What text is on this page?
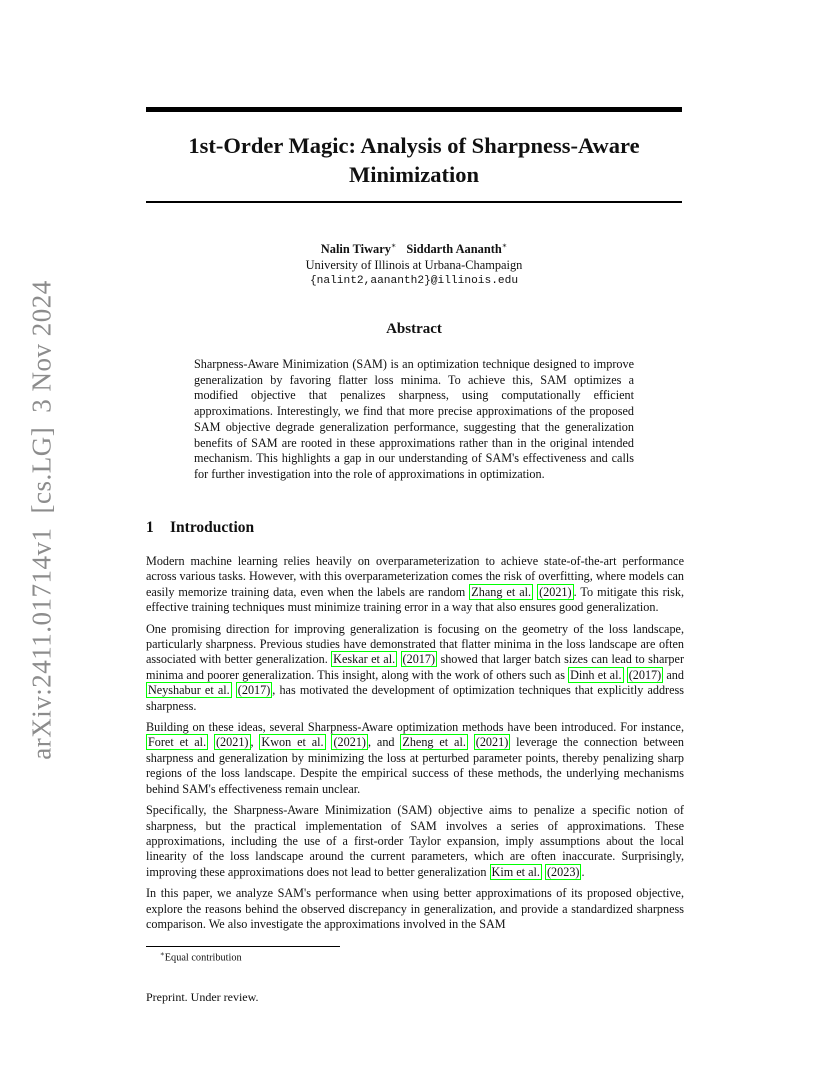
arXiv:2411.01714v1[cs.LG]3 Nov 2024
1st-Order Magic: Analysis of Sharpness-Aware
Minimization
Nalin Tiwary∗ Siddarth Aananth∗
University of Illinois at Urbana-Champaign
{nalint2,aananth2}@illinois.edu
Abstract
Sharpness-Aware Minimization (SAM) is an optimization technique designed to improve generalization by favoring flatter loss minima. To achieve this, SAM optimizes a modified objective that penalizes sharpness, using computationally efficient approximations. Interestingly, we find that more precise approximations of the proposed SAM objective degrade generalization performance, suggesting that the generalization benefits of SAM are rooted in these approximations rather than in the original intended mechanism. This highlights a gap in our understanding of SAM's effectiveness and calls for further investigation into the role of approximations in optimization.
1 Introduction

Modern machine learning relies heavily on overparameterization to achieve state-of-the-art performance across various tasks. However, with this overparameterization comes the risk of overfitting, where models can easily memorize training data, even when the labels are random Zhang et al. (2021) . To mitigate this risk, effective training techniques must minimize training error in a way that also ensures good generalization.

One promising direction for improving generalization is focusing on the geometry of the loss landscape, particularly sharpness. Previous studies have demonstrated that flatter minima in the loss landscape are often associated with better generalization. Keskar et al. (2017) showed that larger batch sizes can lead to sharper minima and poorer generalization. This insight, along with the work of others such as Dinh et al. (2017) and Neyshabur et al. (2017) , has motivated the development of optimization techniques that explicitly address sharpness.

Building on these ideas, several Sharpness-Aware optimization methods have been introduced. For instance, Foret et al. (2021) , Kwon et al. (2021) , and Zheng et al. (2021) leverage the connection between sharpness and generalization by minimizing the loss at perturbed parameter points, thereby penalizing sharp regions of the loss landscape. Despite the empirical success of these methods, the underlying mechanisms behind SAM's effectiveness remain unclear.

Specifically, the Sharpness-Aware Minimization (SAM) objective aims to penalize a specific notion of sharpness, but the practical implementation of SAM involves a series of approximations. These approximations, including the use of a first-order Taylor expansion, imply assumptions about the local linearity of the loss landscape around the current parameters, which are often inaccurate. Surprisingly, improving these approximations does not lead to better generalization Kim et al. (2023) .

In this paper, we analyze SAM's performance when using better approximations of its proposed objective, explore the reasons behind the observed discrepancy in generalization, and provide a standardized sharpness comparison. We also investigate the approximations involved in the SAM

∗Equal contribution
Preprint. Under review.
